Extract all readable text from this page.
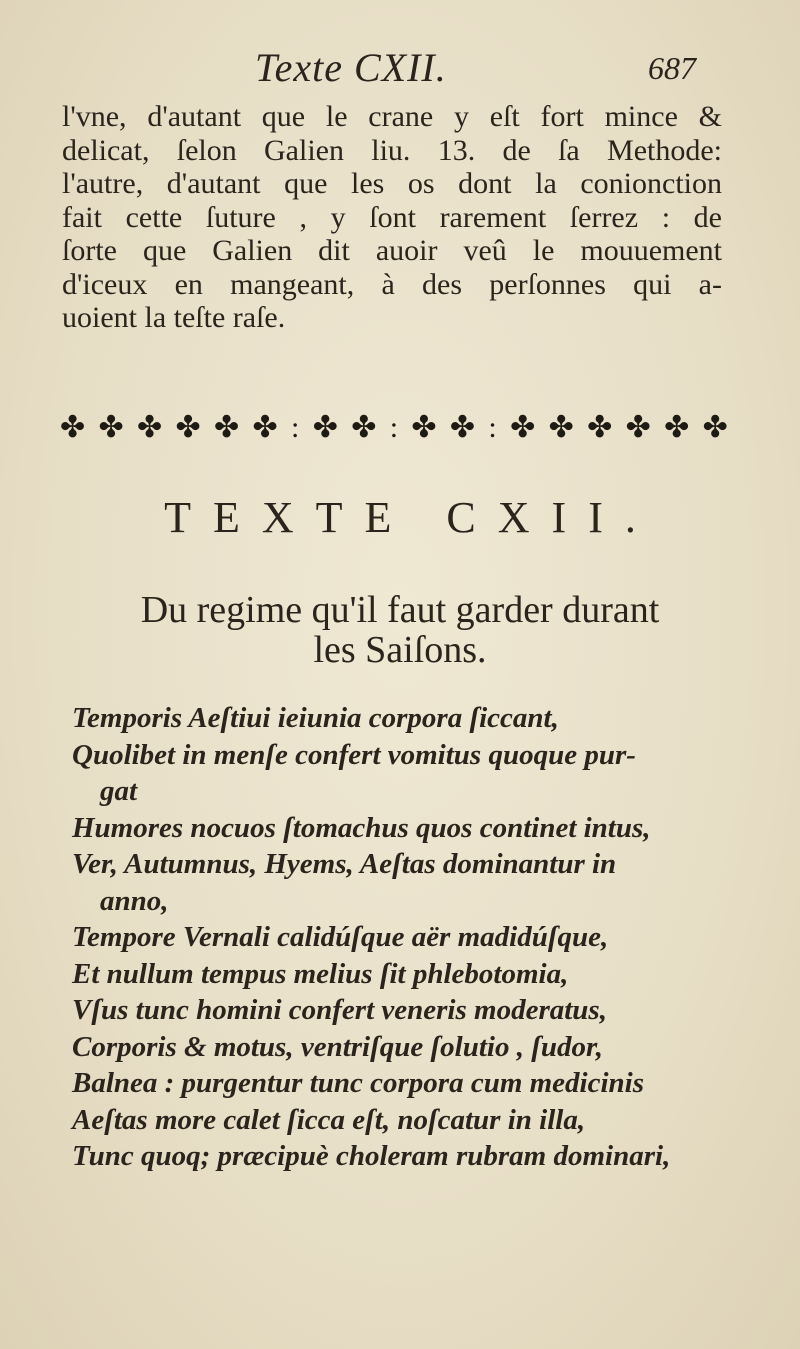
Texte CXII.	687
l'vne, d'autant que le crane y eſt fort mince &
delicat, ſelon Galien liu. 13. de ſa Methode:
l'autre, d'autant que les os dont la conionction
fait cette ſuture , y ſont rarement ſerrez : de
ſorte que Galien dit auoir veû le mouuement
d'iceux en mangeant, à des perſonnes qui a-
uoient la teſte raſe.
✤ ✤ ✤ ✤ ✤ ✤ : ✤ ✤ : ✤ ✤ : ✤ ✤ ✤ ✤ ✤ ✤
TEXTE CXII.
Du regime qu'il faut garder durant
les Saiſons.
Temporis Aeſtiui ieiunia corpora ſiccant,
Quolibet in menſe confert vomitus quoque pur-
gat
Humores nocuos ſtomachus quos continet intus,
Ver, Autumnus, Hyems, Aeſtas dominantur in
anno,
Tempore Vernali calidúſque aër madidúſque,
Et nullum tempus melius ſit phlebotomia,
Vſus tunc homini confert veneris moderatus,
Corporis & motus, ventriſque ſolutio , ſudor,
Balnea : purgentur tunc corpora cum medicinis
Aeſtas more calet ſicca eſt, noſcatur in illa,
Tunc quoq; præcipuè choleram rubram dominari,
